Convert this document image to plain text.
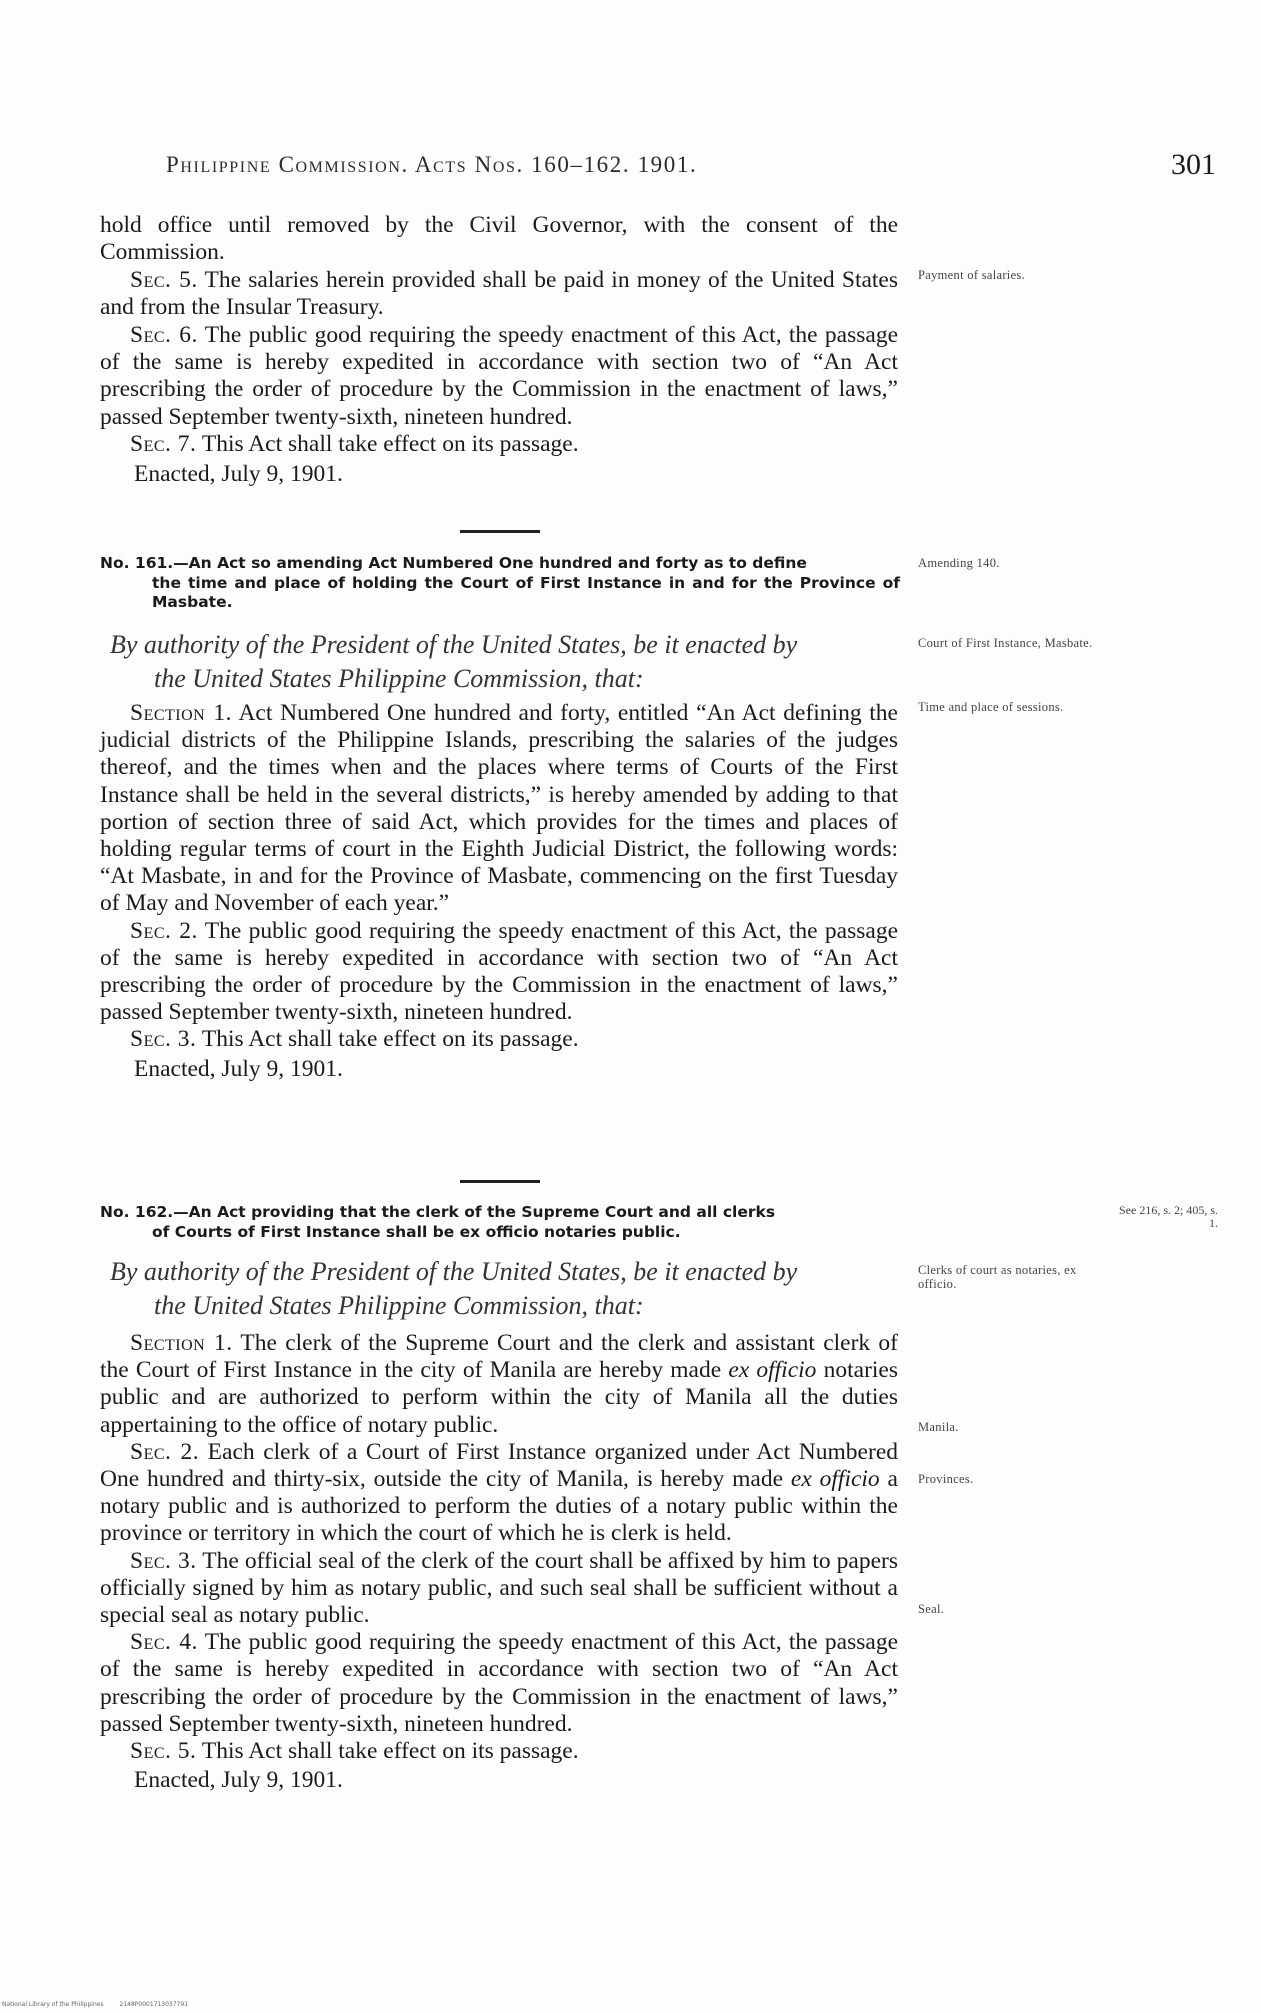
Philippine Commission. Acts Nos. 160–162. 1901.	301

hold office until removed by the Civil Governor, with the consent of the Commission.

Sec. 5. The salaries herein provided shall be paid in money of the United States and from the Insular Treasury.

Sec. 6. The public good requiring the speedy enactment of this Act, the passage of the same is hereby expedited in accordance with section two of “An Act prescribing the order of procedure by the Commission in the enactment of laws,” passed September twenty-sixth, nineteen hundred.

Sec. 7. This Act shall take effect on its passage.

Enacted, July 9, 1901.

No. 161.—An Act so amending Act Numbered One hundred and forty as to define
the time and place of holding the Court of First Instance in and for the Province of Masbate.
By authority of the President of the United States, be it enacted by
the United States Philippine Commission, that:

Section 1. Act Numbered One hundred and forty, entitled “An Act defining the judicial districts of the Philippine Islands, prescribing the salaries of the judges thereof, and the times when and the places where terms of Courts of the First Instance shall be held in the several districts,” is hereby amended by adding to that portion of section three of said Act, which provides for the times and places of holding regular terms of court in the Eighth Judicial District, the following words: “At Masbate, in and for the Province of Masbate, commencing on the first Tuesday of May and November of each year.”

Sec. 2. The public good requiring the speedy enactment of this Act, the passage of the same is hereby expedited in accordance with section two of “An Act prescribing the order of procedure by the Commission in the enactment of laws,” passed September twenty-sixth, nineteen hundred.

Sec. 3. This Act shall take effect on its passage.

Enacted, July 9, 1901.

No. 162.—An Act providing that the clerk of the Supreme Court and all clerks
of Courts of First Instance shall be ex officio notaries public.
By authority of the President of the United States, be it enacted by
the United States Philippine Commission, that:

Section 1. The clerk of the Supreme Court and the clerk and assistant clerk of the Court of First Instance in the city of Manila are hereby made ex officio notaries public and are authorized to perform within the city of Manila all the duties appertaining to the office of notary public.

Sec. 2. Each clerk of a Court of First Instance organized under Act Numbered One hundred and thirty-six, outside the city of Manila, is hereby made ex officio a notary public and is authorized to perform the duties of a notary public within the province or territory in which the court of which he is clerk is held.

Sec. 3. The official seal of the clerk of the court shall be affixed by him to papers officially signed by him as notary public, and such seal shall be sufficient without a special seal as notary public.

Sec. 4. The public good requiring the speedy enactment of this Act, the passage of the same is hereby expedited in accordance with section two of “An Act prescribing the order of procedure by the Commission in the enactment of laws,” passed September twenty-sixth, nineteen hundred.

Sec. 5. This Act shall take effect on its passage.

Enacted, July 9, 1901.

Payment of salaries.
Amending 140.
Court of First Instance, Masbate.
Time and place of sessions.
See 216, s. 2; 405, s. 1.
Clerks of court as notaries, ex officio.
Manila.
Provinces.
Seal.
National Library of the Philippines	2148P0001713037791
